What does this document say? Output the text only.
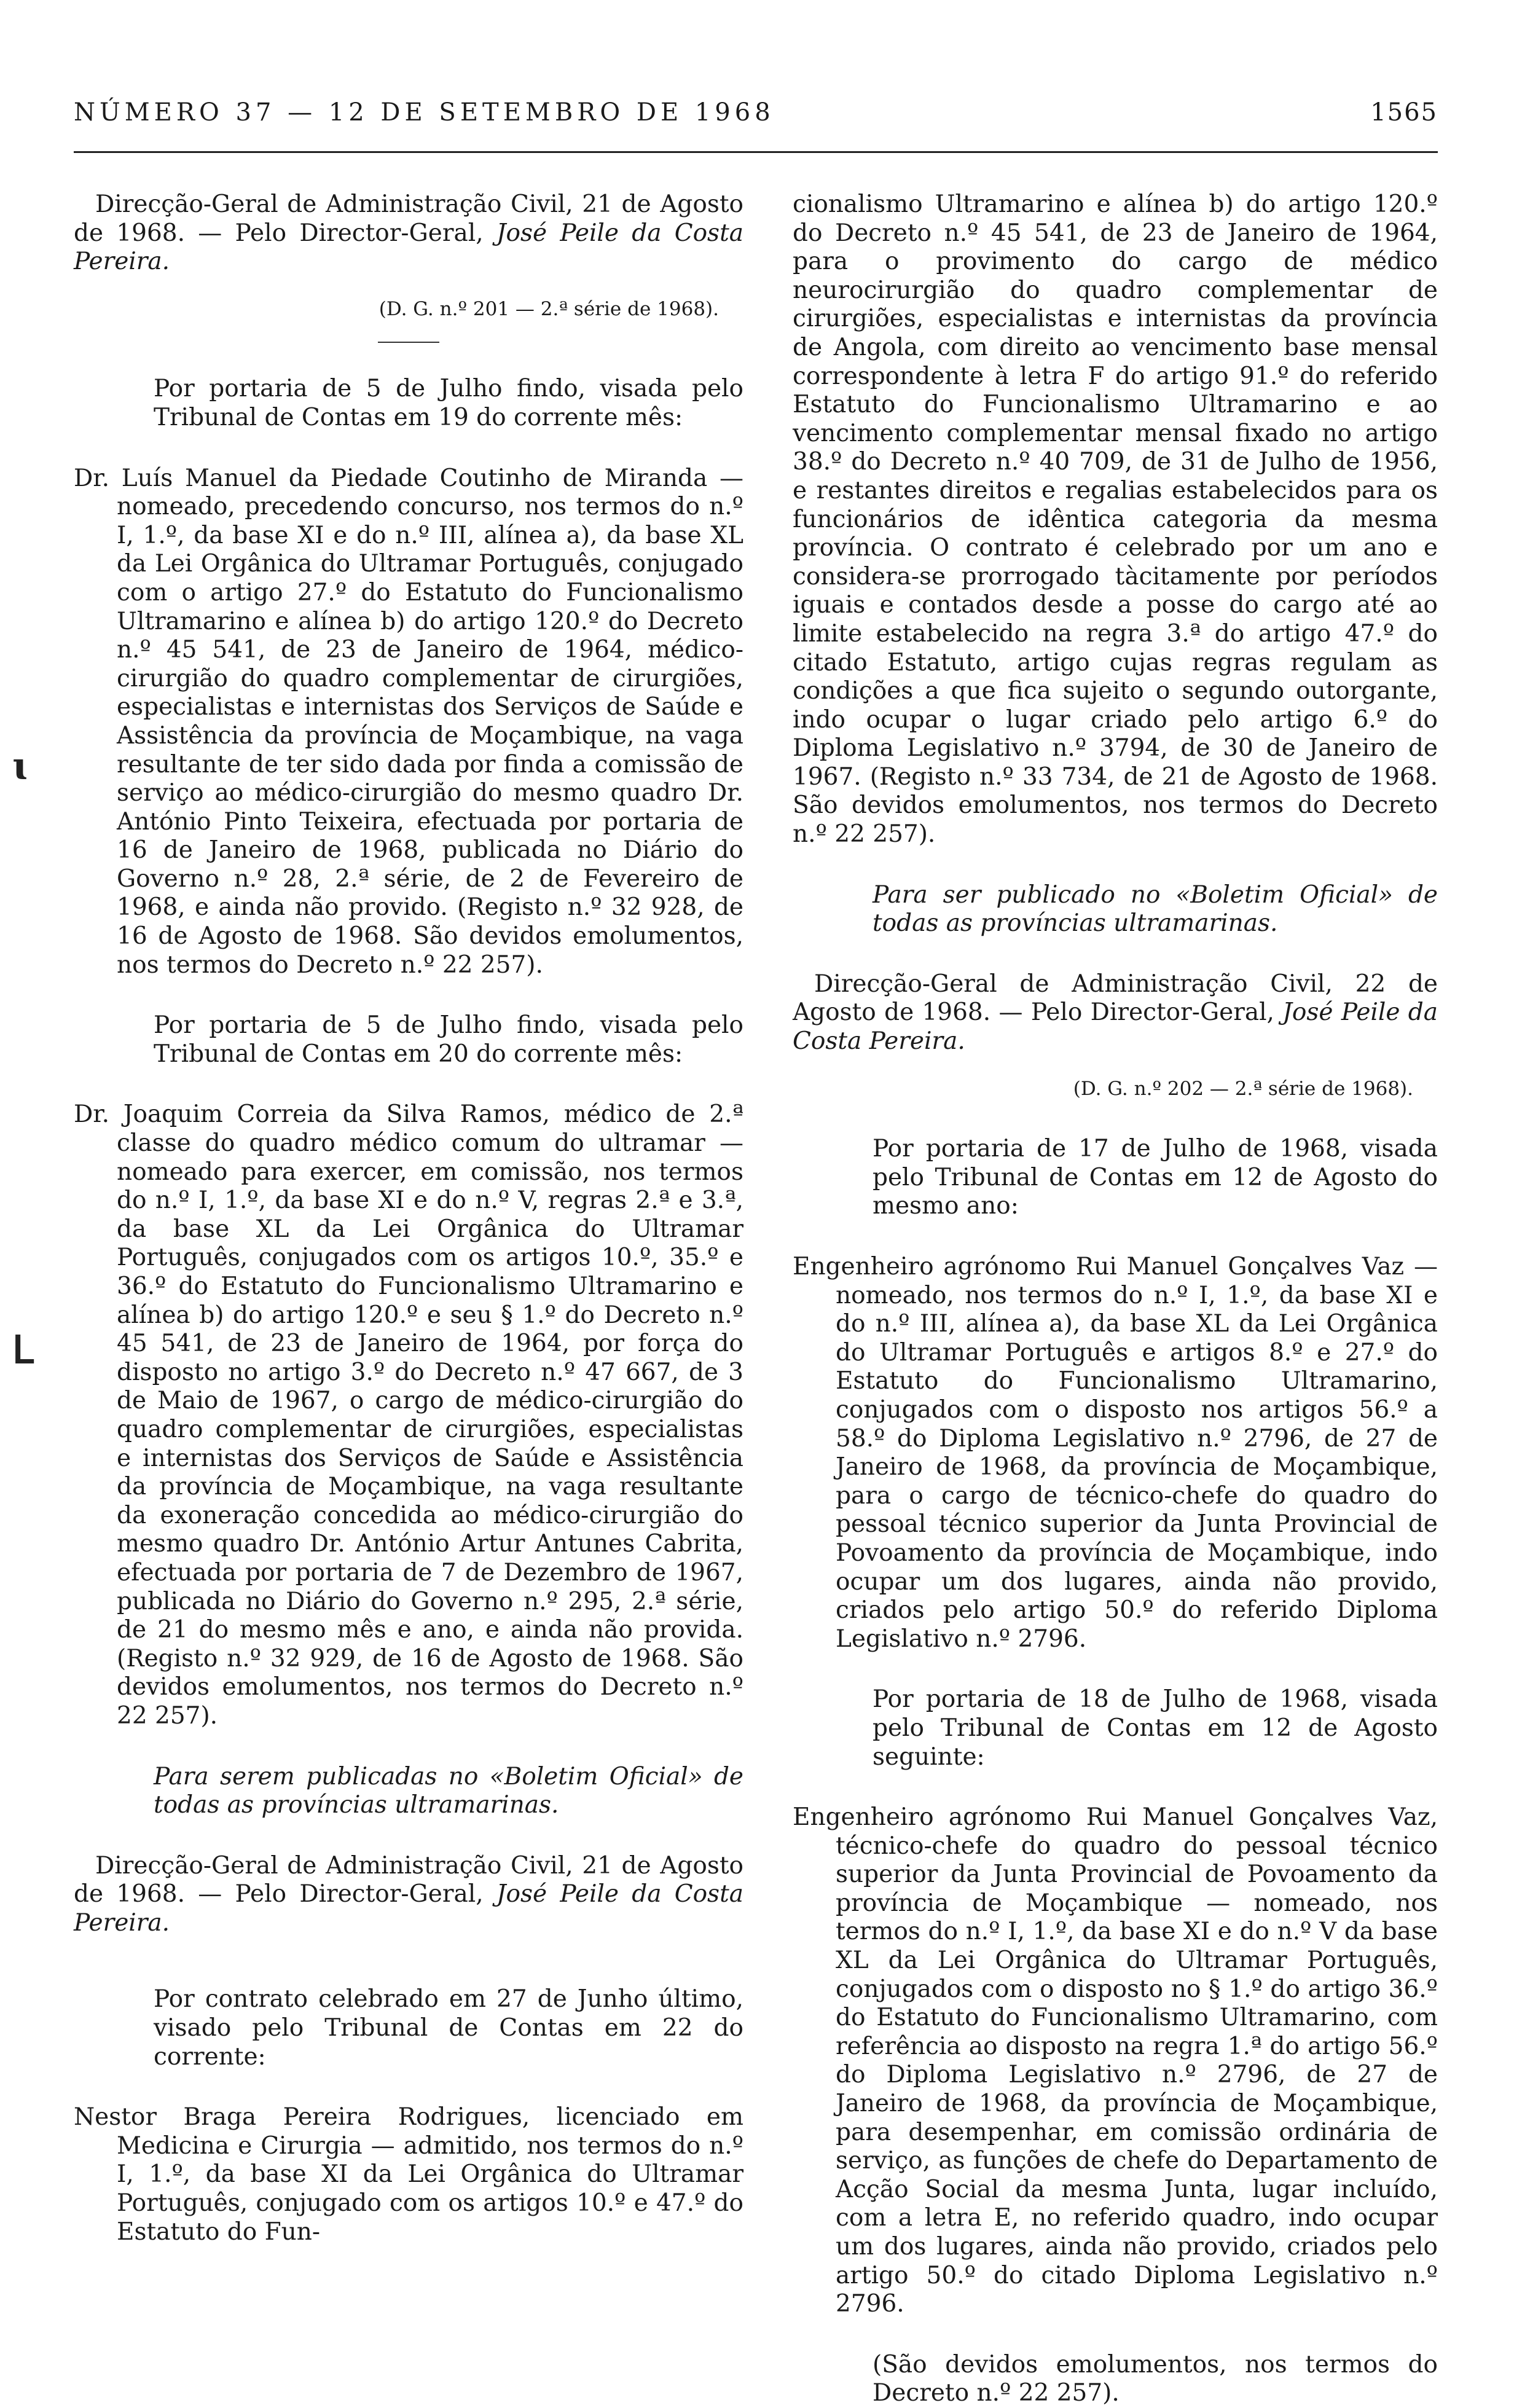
NÚMERO 37 — 12 DE SETEMBRO DE 1968	1565
ɩ
ᒪ

Direcção-Geral de Administração Civil, 21 de Agosto de 1968. — Pelo Director-Geral, José Peile da Costa Pereira.

(D. G. n.º 201 — 2.ª série de 1968).

Por portaria de 5 de Julho findo, visada pelo Tribunal de Contas em 19 do corrente mês:

Dr. Luís Manuel da Piedade Coutinho de Miranda — nomeado, precedendo concurso, nos termos do n.º I, 1.º, da base XI e do n.º III, alínea a), da base XL da Lei Orgânica do Ultramar Português, conjugado com o artigo 27.º do Estatuto do Funcionalismo Ultramarino e alínea b) do artigo 120.º do Decreto n.º 45 541, de 23 de Janeiro de 1964, médico-cirurgião do quadro complementar de cirurgiões, especialistas e internistas dos Serviços de Saúde e Assistência da província de Moçambique, na vaga resultante de ter sido dada por finda a comissão de serviço ao médico-cirurgião do mesmo quadro Dr. António Pinto Teixeira, efectuada por portaria de 16 de Janeiro de 1968, publicada no Diário do Governo n.º 28, 2.ª série, de 2 de Fevereiro de 1968, e ainda não provido. (Registo n.º 32 928, de 16 de Agosto de 1968. São devidos emolumentos, nos termos do Decreto n.º 22 257).

Por portaria de 5 de Julho findo, visada pelo Tribunal de Contas em 20 do corrente mês:

Dr. Joaquim Correia da Silva Ramos, médico de 2.ª classe do quadro médico comum do ultramar — nomeado para exercer, em comissão, nos termos do n.º I, 1.º, da base XI e do n.º V, regras 2.ª e 3.ª, da base XL da Lei Orgânica do Ultramar Português, conjugados com os artigos 10.º, 35.º e 36.º do Estatuto do Funcionalismo Ultramarino e alínea b) do artigo 120.º e seu § 1.º do Decreto n.º 45 541, de 23 de Janeiro de 1964, por força do disposto no artigo 3.º do Decreto n.º 47 667, de 3 de Maio de 1967, o cargo de médico-cirurgião do quadro complementar de cirurgiões, especialistas e internistas dos Serviços de Saúde e Assistência da província de Moçambique, na vaga resultante da exoneração concedida ao médico-cirurgião do mesmo quadro Dr. António Artur Antunes Cabrita, efectuada por portaria de 7 de Dezembro de 1967, publicada no Diário do Governo n.º 295, 2.ª série, de 21 do mesmo mês e ano, e ainda não provida. (Registo n.º 32 929, de 16 de Agosto de 1968. São devidos emolumentos, nos termos do Decreto n.º 22 257).

Para serem publicadas no «Boletim Oficial» de todas as províncias ultramarinas.

Direcção-Geral de Administração Civil, 21 de Agosto de 1968. — Pelo Director-Geral, José Peile da Costa Pereira.

Por contrato celebrado em 27 de Junho último, visado pelo Tribunal de Contas em 22 do corrente:

Nestor Braga Pereira Rodrigues, licenciado em Medicina e Cirurgia — admitido, nos termos do n.º I, 1.º, da base XI da Lei Orgânica do Ultramar Português, conjugado com os artigos 10.º e 47.º do Estatuto do Fun-

cionalismo Ultramarino e alínea b) do artigo 120.º do Decreto n.º 45 541, de 23 de Janeiro de 1964, para o provimento do cargo de médico neurocirurgião do quadro complementar de cirurgiões, especialistas e internistas da província de Angola, com direito ao vencimento base mensal correspondente à letra F do artigo 91.º do referido Estatuto do Funcionalismo Ultramarino e ao vencimento complementar mensal fixado no artigo 38.º do Decreto n.º 40 709, de 31 de Julho de 1956, e restantes direitos e regalias estabelecidos para os funcionários de idêntica categoria da mesma província. O contrato é celebrado por um ano e considera-se prorrogado tàcitamente por períodos iguais e contados desde a posse do cargo até ao limite estabelecido na regra 3.ª do artigo 47.º do citado Estatuto, artigo cujas regras regulam as condições a que fica sujeito o segundo outorgante, indo ocupar o lugar criado pelo artigo 6.º do Diploma Legislativo n.º 3794, de 30 de Janeiro de 1967. (Registo n.º 33 734, de 21 de Agosto de 1968. São devidos emolumentos, nos termos do Decreto n.º 22 257).

Para ser publicado no «Boletim Oficial» de todas as províncias ultramarinas.

Direcção-Geral de Administração Civil, 22 de Agosto de 1968. — Pelo Director-Geral, José Peile da Costa Pereira.

(D. G. n.º 202 — 2.ª série de 1968).

Por portaria de 17 de Julho de 1968, visada pelo Tribunal de Contas em 12 de Agosto do mesmo ano:

Engenheiro agrónomo Rui Manuel Gonçalves Vaz — nomeado, nos termos do n.º I, 1.º, da base XI e do n.º III, alínea a), da base XL da Lei Orgânica do Ultramar Português e artigos 8.º e 27.º do Estatuto do Funcionalismo Ultramarino, conjugados com o disposto nos artigos 56.º a 58.º do Diploma Legislativo n.º 2796, de 27 de Janeiro de 1968, da província de Moçambique, para o cargo de técnico-chefe do quadro do pessoal técnico superior da Junta Provincial de Povoamento da província de Moçambique, indo ocupar um dos lugares, ainda não provido, criados pelo artigo 50.º do referido Diploma Legislativo n.º 2796.

Por portaria de 18 de Julho de 1968, visada pelo Tribunal de Contas em 12 de Agosto seguinte:

Engenheiro agrónomo Rui Manuel Gonçalves Vaz, técnico-chefe do quadro do pessoal técnico superior da Junta Provincial de Povoamento da província de Moçambique — nomeado, nos termos do n.º I, 1.º, da base XI e do n.º V da base XL da Lei Orgânica do Ultramar Português, conjugados com o disposto no § 1.º do artigo 36.º do Estatuto do Funcionalismo Ultramarino, com referência ao disposto na regra 1.ª do artigo 56.º do Diploma Legislativo n.º 2796, de 27 de Janeiro de 1968, da província de Moçambique, para desempenhar, em comissão ordinária de serviço, as funções de chefe do Departamento de Acção Social da mesma Junta, lugar incluído, com a letra E, no referido quadro, indo ocupar um dos lugares, ainda não provido, criados pelo artigo 50.º do citado Diploma Legislativo n.º 2796.

(São devidos emolumentos, nos termos do Decreto n.º 22 257).
